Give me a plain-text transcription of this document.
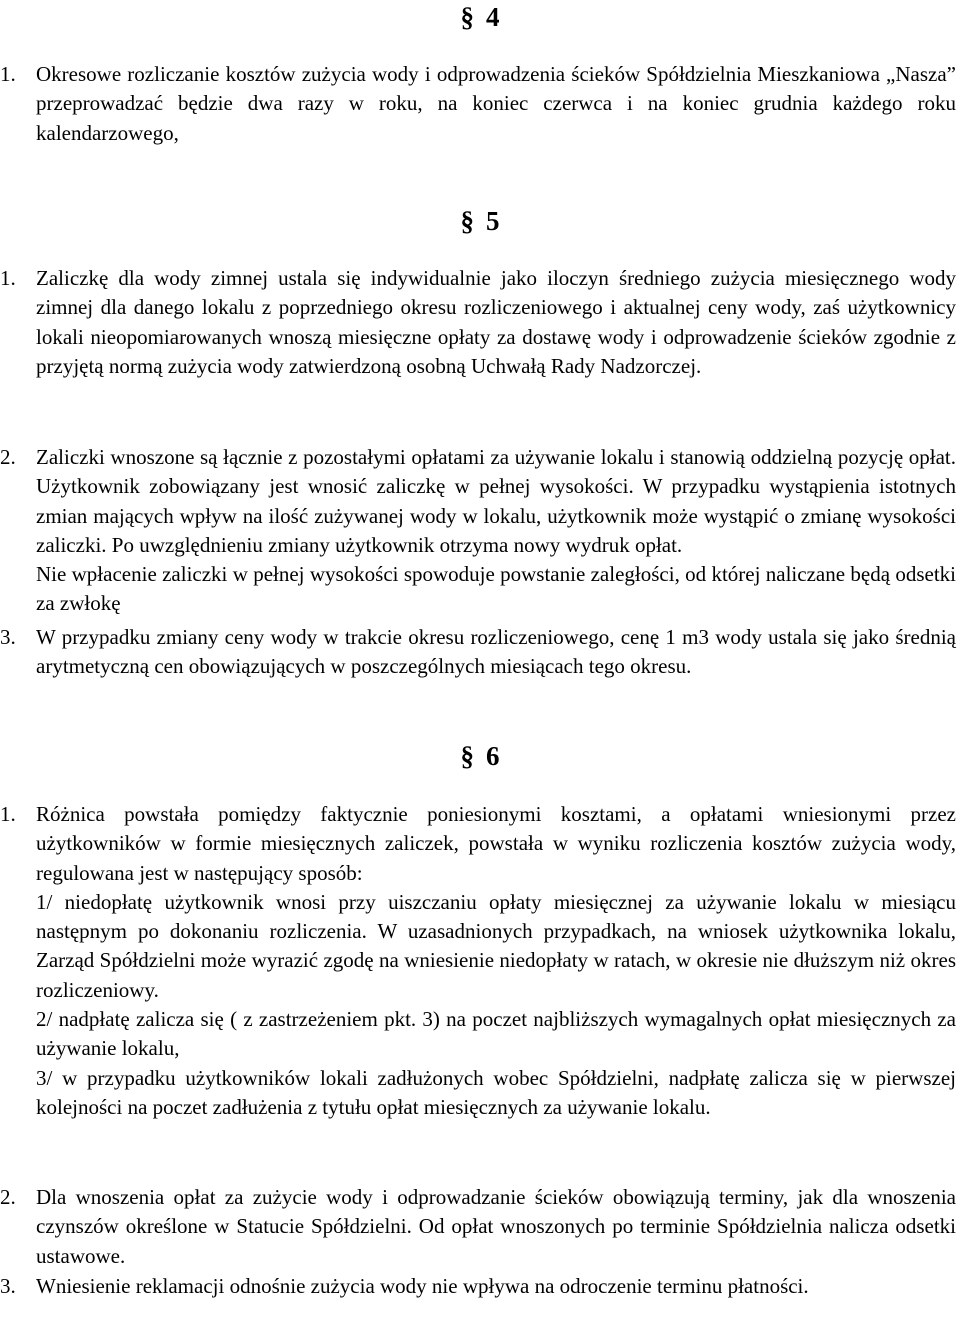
§ 4
1. Okresowe rozliczanie kosztów zużycia wody i odprowadzenia ścieków Spółdzielnia Mieszkaniowa „Nasza” przeprowadzać będzie dwa razy w roku, na koniec czerwca i na koniec grudnia każdego roku kalendarzowego,

§ 5
1. Zaliczkę dla wody zimnej ustala się indywidualnie jako iloczyn średniego zużycia miesięcznego wody zimnej dla danego lokalu z poprzedniego okresu rozliczeniowego i aktualnej ceny wody, zaś użytkownicy lokali nieopomiarowanych wnoszą miesięczne opłaty za dostawę wody i odprowadzenie ścieków zgodnie z przyjętą normą zużycia wody zatwierdzoną osobną Uchwałą Rady Nadzorczej.

2. Zaliczki wnoszone są łącznie z pozostałymi opłatami za używanie lokalu i stanowią oddzielną pozycję opłat. Użytkownik zobowiązany jest wnosić zaliczkę w pełnej wysokości. W przypadku wystąpienia istotnych zmian mających wpływ na ilość zużywanej wody w lokalu, użytkownik może wystąpić o zmianę wysokości zaliczki. Po uwzględnieniu zmiany użytkownik otrzyma nowy wydruk opłat.

Nie wpłacenie zaliczki w pełnej wysokości spowoduje powstanie zaległości, od której naliczane będą odsetki za zwłokę

3. W przypadku zmiany ceny wody w trakcie okresu rozliczeniowego, cenę 1 m3 wody ustala się jako średnią arytmetyczną cen obowiązujących w poszczególnych miesiącach tego okresu.

§ 6
1. Różnica powstała pomiędzy faktycznie poniesionymi kosztami, a opłatami wniesionymi przez użytkowników w formie miesięcznych zaliczek, powstała w wyniku rozliczenia kosztów zużycia wody, regulowana jest w następujący sposób:

1/ niedopłatę użytkownik wnosi przy uiszczaniu opłaty miesięcznej za używanie lokalu w miesiącu następnym po dokonaniu rozliczenia. W uzasadnionych przypadkach, na wniosek użytkownika lokalu, Zarząd Spółdzielni może wyrazić zgodę na wniesienie niedopłaty w ratach, w okresie nie dłuższym niż okres rozliczeniowy.

2/ nadpłatę zalicza się ( z zastrzeżeniem pkt. 3) na poczet najbliższych wymagalnych opłat miesięcznych za używanie lokalu,

3/ w przypadku użytkowników lokali zadłużonych wobec Spółdzielni, nadpłatę zalicza się w pierwszej kolejności na poczet zadłużenia z tytułu opłat miesięcznych za używanie lokalu.

2. Dla wnoszenia opłat za zużycie wody i odprowadzanie ścieków obowiązują terminy, jak dla wnoszenia czynszów określone w Statucie Spółdzielni. Od opłat wnoszonych po terminie Spółdzielnia nalicza odsetki ustawowe.

3. Wniesienie reklamacji odnośnie zużycia wody nie wpływa na odroczenie terminu płatności.
